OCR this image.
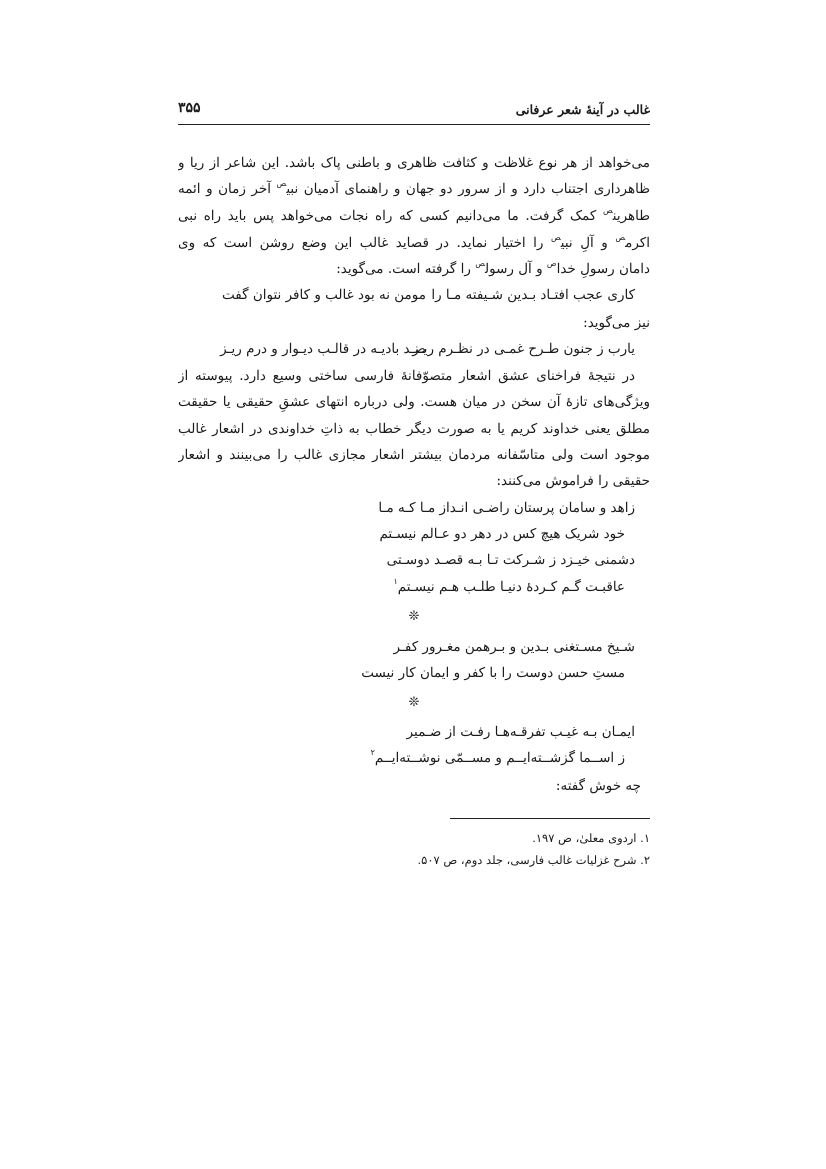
غالب در آینهٔ شعر عرفانی
۳۵۵
می‌خواهد از هر نوع غلاظت و کثافت ظاهری و باطنی پاک باشد. این شاعر از ریا و
ظاهرداری اجتناب دارد و از سرور دو جهان و راهنمای آدمیان نبی$^ص$ آخر زمان و ائمه
طاهرین$^ص$ کمک گرفت. ما می‌دانیم کسی که راه نجات می‌خواهد پس باید راه نبی
اکرم$^ص$ و آلِ نبی$^ص$ را اختیار نماید. در قصاید غالب این وضع روشن است که وی
دامان رسولِ خدا$^ص$ و آل رسول$^ص$ را گرفته است. می‌گوید:
کاری عجب افتـاد بـدین شـیفته مـا را
مومن نه بود غالب و کافر نتوان گفت
نیز می‌گوید:
یارب ز جنون طـرح غمـی در نظـرم ریـز
صـد بادیـه در قالـب دیـوار و درم ریـز
در نتیجهٔ فراخنای عشق اشعار متصوّفانهٔ فارسی ساختی وسیع دارد. پیوسته از
ویژگی‌های تازهٔ آن سخن در میان هست. ولی درباره انتهای عشقِ حقیقی یا حقیقت
مطلق یعنی خداوند کریم یا به صورت دیگر خطاب به ذاتِ خداوندی در اشعار غالب
موجود است ولی متاسّفانه مردمان بیشتر اشعار مجازی غالب را می‌بینند و اشعار
حقیقی را فراموش می‌کنند:
زاهد و سامان پرستان راضـی انـداز مـا کـه مـا
خود شریک هیچ کس در دهر دو عـالم نیسـتم
دشمنی خیـزد ز شـرکت تـا بـه قصـد دوسـتی
عاقبـت گـم کـردهٔ دنیـا طلـب هـم نیسـتم$^۱$
❊
شـیخ مسـتغنی بـدین و بـرهمن مغـرور کفـر
مستِ حسن دوست را با کفر و ایمان کار نیست
❊
ایمـان بـه غیـب تفرقـه‌هـا رفـت از ضـمیر
ز اســما گزشــته‌ایــم و مســمّی نوشــته‌ایــم$^۲$
چه خوش گفته:
۱. اردوی معلیٰ، ص ۱۹۷.
۲. شرح غزلیات غالب فارسی، جلد دوم، ص ۵۰۷.
